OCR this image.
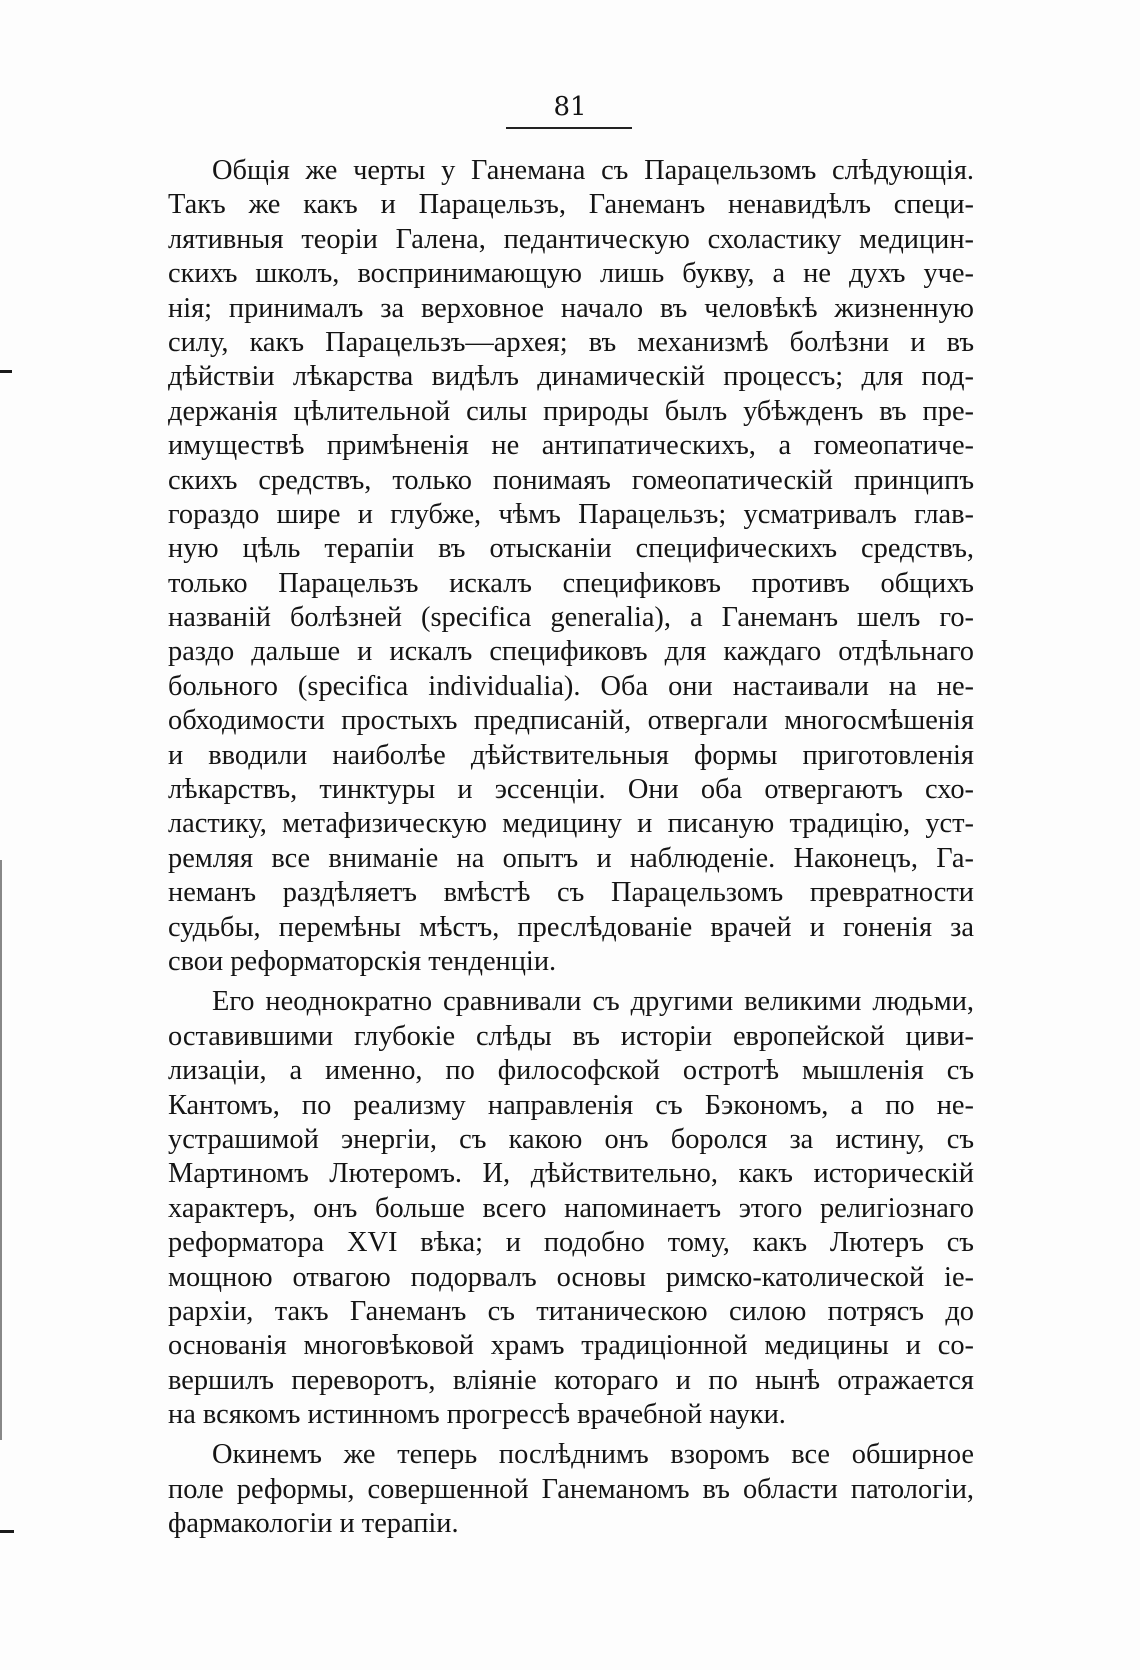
81
Общія же черты у Ганемана съ Парацельзомъ слѣдующія.
Такъ же какъ и Парацельзъ, Ганеманъ ненавидѣлъ специ-
лятивныя теоріи Галена, педантическую схоластику медицин-
скихъ школъ, воспринимающую лишь букву, а не духъ уче-
нія; принималъ за верховное начало въ человѣкѣ жизненную
силу, какъ Парацельзъ—архея; въ механизмѣ болѣзни и въ
дѣйствіи лѣкарства видѣлъ динамическій процессъ; для под-
держанія цѣлительной силы природы былъ убѣжденъ въ пре-
имуществѣ примѣненія не антипатическихъ, а гомеопатиче-
скихъ средствъ, только понимаяъ гомеопатическій принципъ
гораздо шире и глубже, чѣмъ Парацельзъ; усматривалъ глав-
ную цѣль терапіи въ отысканіи специфическихъ средствъ,
только Парацельзъ искалъ спецификовъ противъ общихъ
названій болѣзней (specifica generalia), а Ганеманъ шелъ го-
раздо дальше и искалъ спецификовъ для каждаго отдѣльнаго
больного (specifica individualia). Оба они настаивали на не-
обходимости простыхъ предписаній, отвергали многосмѣшенія
и вводили наиболѣе дѣйствительныя формы приготовленія
лѣкарствъ, тинктуры и эссенціи. Они оба отвергаютъ схо-
ластику, метафизическую медицину и писаную традицію, уст-
ремляя все вниманіе на опытъ и наблюденіе. Наконецъ, Га-
неманъ раздѣляетъ вмѣстѣ съ Парацельзомъ превратности
судьбы, перемѣны мѣстъ, преслѣдованіе врачей и гоненія за
свои реформаторскія тенденціи.
Его неоднократно сравнивали съ другими великими людьми,
оставившими глубокіе слѣды въ исторіи европейской циви-
лизаціи, а именно, по философской остротѣ мышленія съ
Кантомъ, по реализму направленія съ Бэкономъ, а по не-
устрашимой энергіи, съ какою онъ боролся за истину, съ
Мартиномъ Лютеромъ. И, дѣйствительно, какъ историческій
характеръ, онъ больше всего напоминаетъ этого религіознаго
реформатора XVI вѣка; и подобно тому, какъ Лютеръ съ
мощною отвагою подорвалъ основы римско-католической іе-
рархіи, такъ Ганеманъ съ титаническою силою потрясъ до
основанія многовѣковой храмъ традиціонной медицины и со-
вершилъ переворотъ, вліяніе котораго и по нынѣ отражается
на всякомъ истинномъ прогрессѣ врачебной науки.
Окинемъ же теперь послѣднимъ взоромъ все обширное
поле реформы, совершенной Ганеманомъ въ области патологіи,
фармакологіи и терапіи.
